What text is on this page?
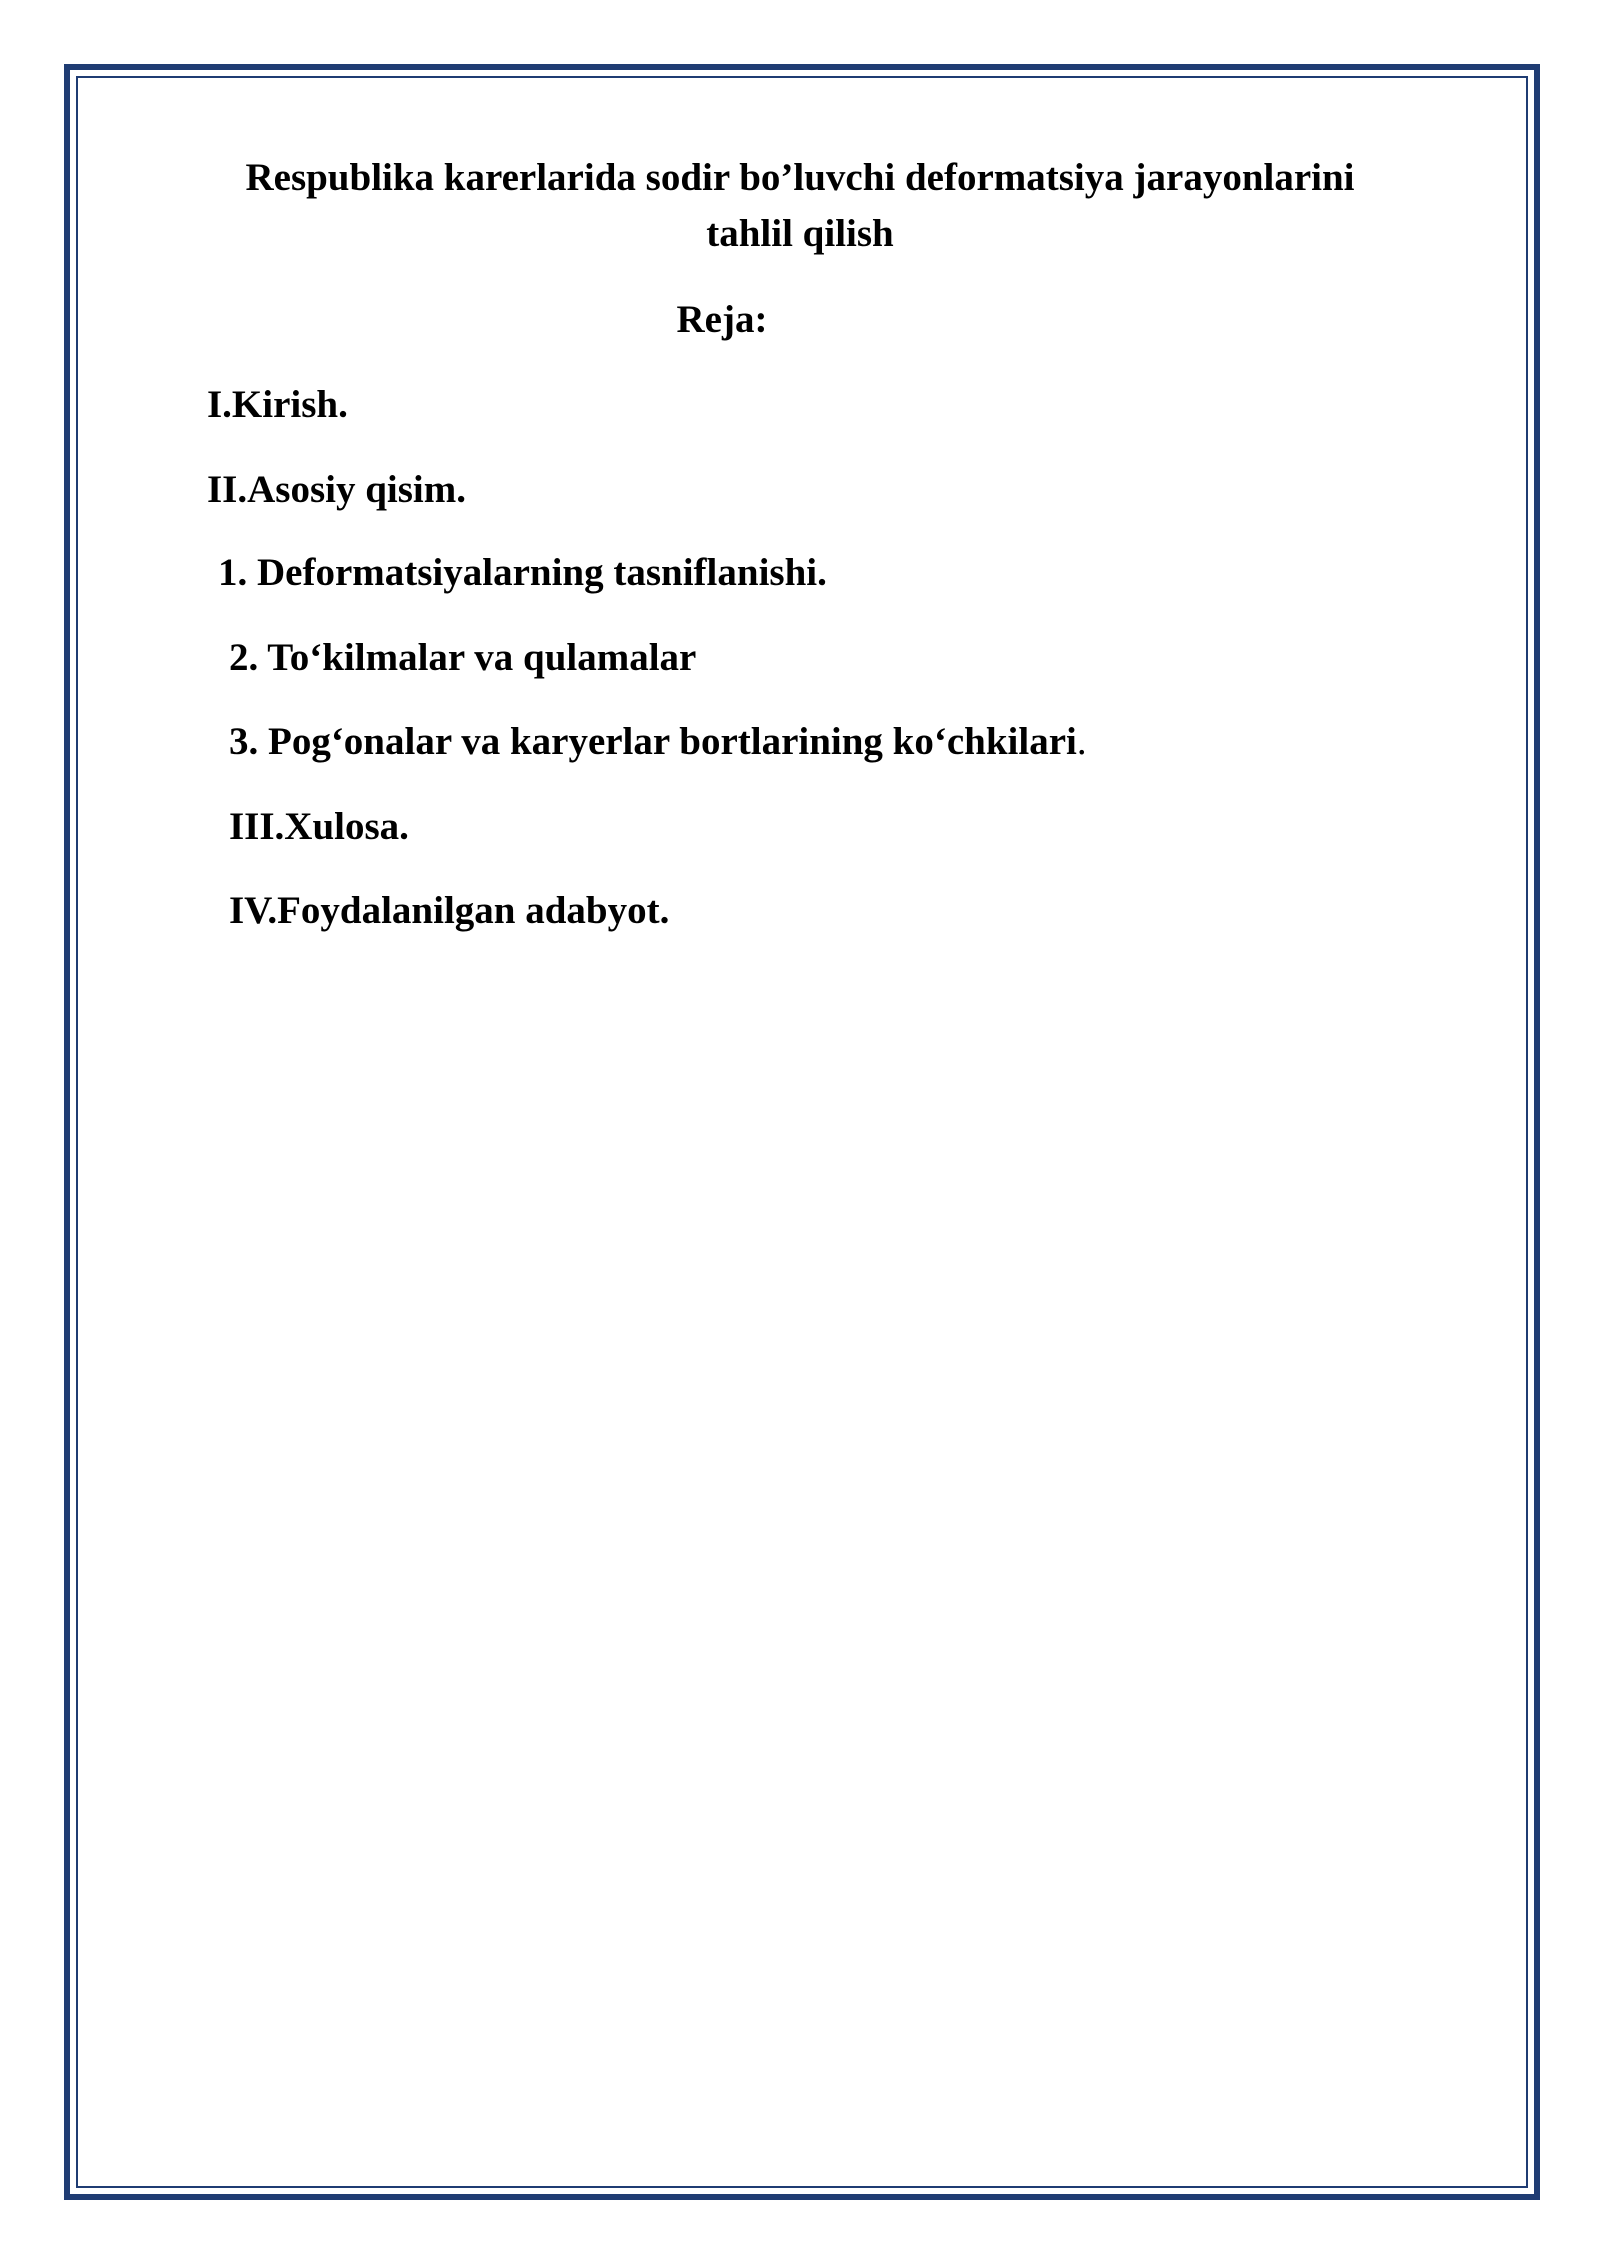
Respublika karerlarida sodir bo’luvchi deformatsiya jarayonlarini
tahlil qilish
Reja:

I.Kirish.

II.Asosiy qisim.

1. Deformatsiyalarning tasniflanishi.

2. To‘kilmalar va qulamalar

3. Pog‘onalar va karyerlar bortlarining ko‘chkilari.

III.Xulosa.

IV.Foydalanilgan adabyot.
